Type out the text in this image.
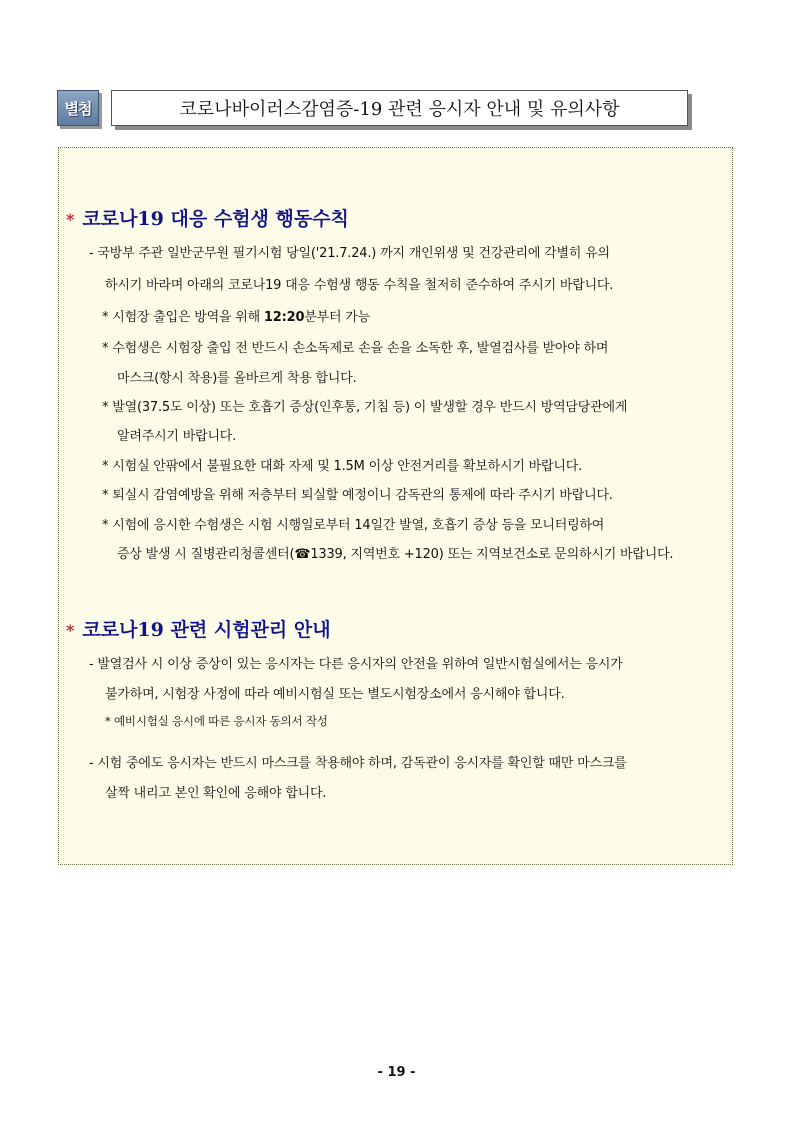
별첨	코로나바이러스감염증-19 관련 응시자 안내 및 유의사항
* 코로나19 대응 수험생 행동수칙
- 국방부 주관 일반군무원 필기시험 당일('21.7.24.) 까지 개인위생 및 건강관리에 각별히 유의
하시기 바라며 아래의 코로나19 대응 수험생 행동 수칙을 철저히 준수하여 주시기 바랍니다.
* 시험장 출입은 방역을 위해 12:20분부터 가능
* 수험생은 시험장 출입 전 반드시 손소독제로 손을 손을 소독한 후, 발열검사를 받아야 하며
마스크(항시 착용)를 올바르게 착용 합니다.
* 발열(37.5도 이상) 또는 호흡기 증상(인후통, 기침 등) 이 발생할 경우 반드시 방역담당관에게
알려주시기 바랍니다.
* 시험실 안팎에서 불필요한 대화 자제 및 1.5M 이상 안전거리를 확보하시기 바랍니다.
* 퇴실시 감염예방을 위해 저층부터 퇴실할 예정이니 감독관의 통제에 따라 주시기 바랍니다.
* 시험에 응시한 수험생은 시험 시행일로부터 14일간 발열, 호흡기 증상 등을 모니터링하여
증상 발생 시 질병관리청콜센터(☎1339, 지역번호 +120) 또는 지역보건소로 문의하시기 바랍니다.
* 코로나19 관련 시험관리 안내
- 발열검사 시 이상 증상이 있는 응시자는 다른 응시자의 안전을 위하여 일반시험실에서는 응시가
불가하며, 시험장 사정에 따라 예비시험실 또는 별도시험장소에서 응시해야 합니다.
* 예비시험실 응시에 따른 응시자 동의서 작성
- 시험 중에도 응시자는 반드시 마스크를 착용해야 하며, 감독관이 응시자를 확인할 때만 마스크를
살짝 내리고 본인 확인에 응해야 합니다.
- 19 -
